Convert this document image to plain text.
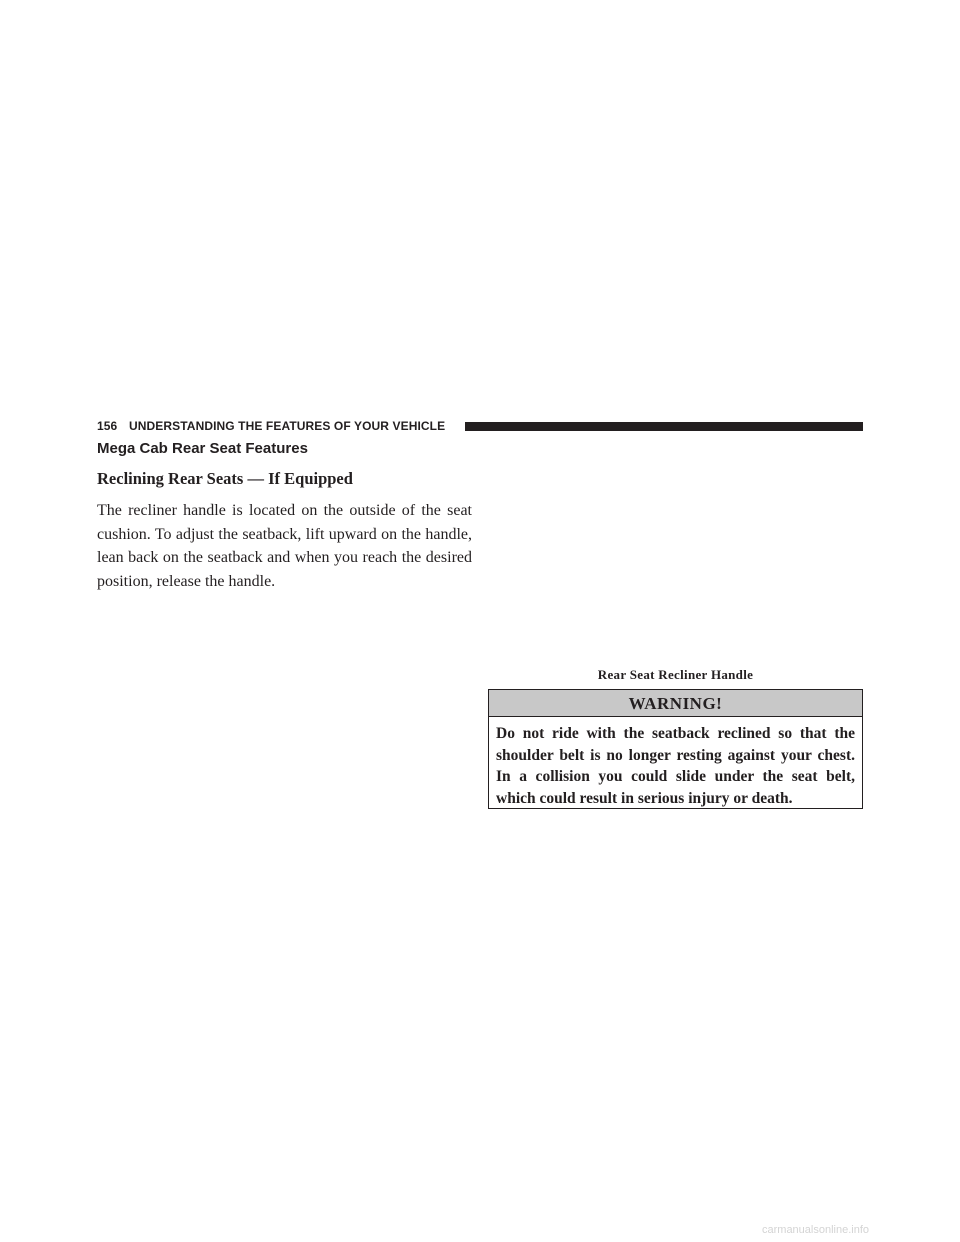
156 UNDERSTANDING THE FEATURES OF YOUR VEHICLE
Mega Cab Rear Seat Features
Reclining Rear Seats — If Equipped

The recliner handle is located on the outside of the seat cushion. To adjust the seatback, lift upward on the handle, lean back on the seatback and when you reach the desired position, release the handle.

Rear Seat Recliner Handle
WARNING!

Do not ride with the seatback reclined so that the shoulder belt is no longer resting against your chest. In a collision you could slide under the seat belt, which could result in serious injury or death.

carmanualsonline.info
